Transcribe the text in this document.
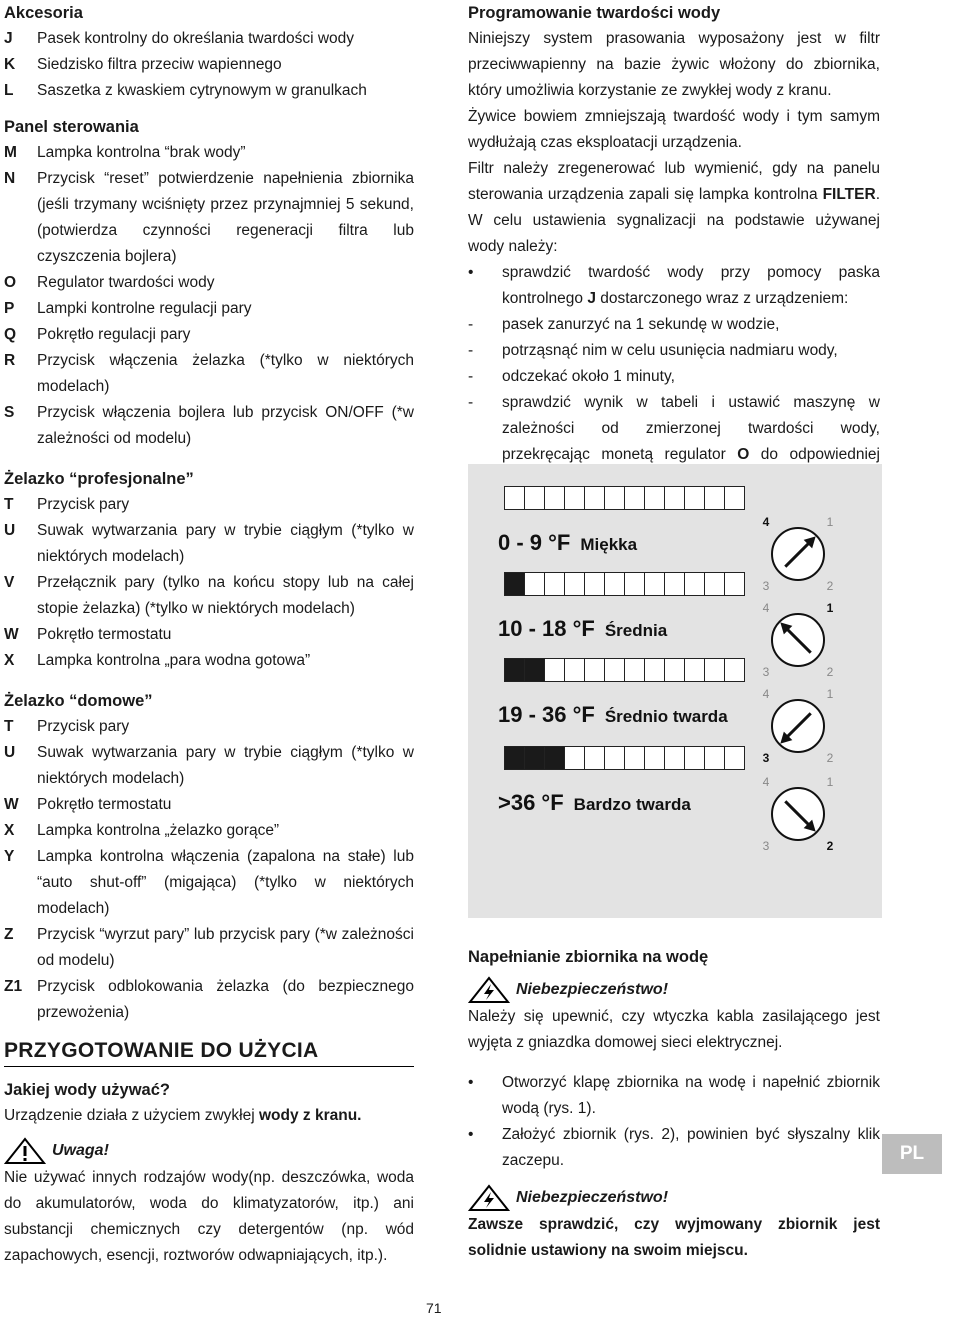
Akcesoria
J	Pasek kontrolny do określania twardości wody
K	Siedzisko filtra przeciw wapiennego
L	Saszetka z kwaskiem cytrynowym w granulkach
Panel sterowania
M	Lampka kontrolna “brak wody”
N	Przycisk “reset” potwierdzenie napełnienia zbiornika (jeśli trzymany wciśnięty przez przynajmniej 5 sekund, (potwierdza czynności regeneracji filtra lub czyszczenia bojlera)
O	Regulator twardości wody
P	Lampki kontrolne regulacji pary
Q	Pokrętło regulacji pary
R	Przycisk włączenia żelazka (*tylko w niektórych modelach)
S	Przycisk włączenia bojlera lub przycisk ON/OFF (*w zależności od modelu)
Żelazko “profesjonalne”
T	Przycisk pary
U	Suwak wytwarzania pary w trybie ciągłym (*tylko w niektórych modelach)
V	Przełącznik pary (tylko na końcu stopy lub na całej stopie żelazka) (*tylko w niektórych modelach)
W	Pokrętło termostatu
X	Lampka kontrolna „para wodna gotowa”
Żelazko “domowe”
T	Przycisk pary
U	Suwak wytwarzania pary w trybie ciągłym (*tylko w niektórych modelach)
W	Pokrętło termostatu
X	Lampka kontrolna „żelazko gorące”
Y	Lampka kontrolna włączenia (zapalona na stałe) lub “auto shut-off” (migająca) (*tylko w niektórych modelach)
Z	Przycisk “wyrzut pary” lub przycisk pary (*w zależności od modelu)
Z1 Przycisk odblokowania żelazka (do bezpiecznego przewożenia)
PRZYGOTOWANIE DO UŻYCIA
Jakiej wody używać?
Urządzenie działa z użyciem zwykłej wody z kranu.
Uwaga!
Nie używać innych rodzajów wody(np. deszczówka, woda do akumulatorów, woda do klimatyzatorów, itp.) ani substancji chemicznych czy detergentów (np. wód zapachowych, esencji, roztworów odwapniających, itp.).
Programowanie twardości wody
Niniejszy system prasowania wyposażony jest w filtr przeciwwapienny na bazie żywic włożony do zbiornika, który umożliwia korzystanie ze zwykłej wody z kranu.
Żywice bowiem zmniejszają twardość wody i tym samym wydłużają czas eksploatacji urządzenia.
Filtr należy zregenerować lub wymienić, gdy na panelu sterowania urządzenia zapali się lampka kontrolna FILTER. W celu ustawienia sygnalizacji na podstawie używanej wody należy:
•	sprawdzić twardość wody przy pomocy paska kontrolnego J dostarczonego wraz z urządzeniem:
-	pasek zanurzyć na 1 sekundę w wodzie,
-	potrząsnąć nim w celu usunięcia nadmiaru wody,
-	odczekać około 1 minuty,
-	sprawdzić wynik w tabeli i ustawić maszynę w zależności od zmierzonej twardości wody, przekręcając monetą regulator O do odpowiedniej
0 - 9 °F Miękka
4	1
3	2
10 - 18 °F Średnia
4	1
3	2
19 - 36 °F Średnio twarda
4	1
3	2
>36 °F Bardzo twarda
4	1
3	2
Napełnianie zbiornika na wodę
Niebezpieczeństwo!
Należy się upewnić, czy wtyczka kabla zasilającego jest wyjęta z gniazdka domowej sieci elektrycznej.
•	Otworzyć klapę zbiornika na wodę i napełnić zbiornik wodą (rys. 1).
•	Założyć zbiornik (rys. 2), powinien być słyszalny klik zaczepu.
Niebezpieczeństwo!
Zawsze sprawdzić, czy wyjmowany zbiornik jest solidnie ustawiony na swoim miejscu.
PL
71
